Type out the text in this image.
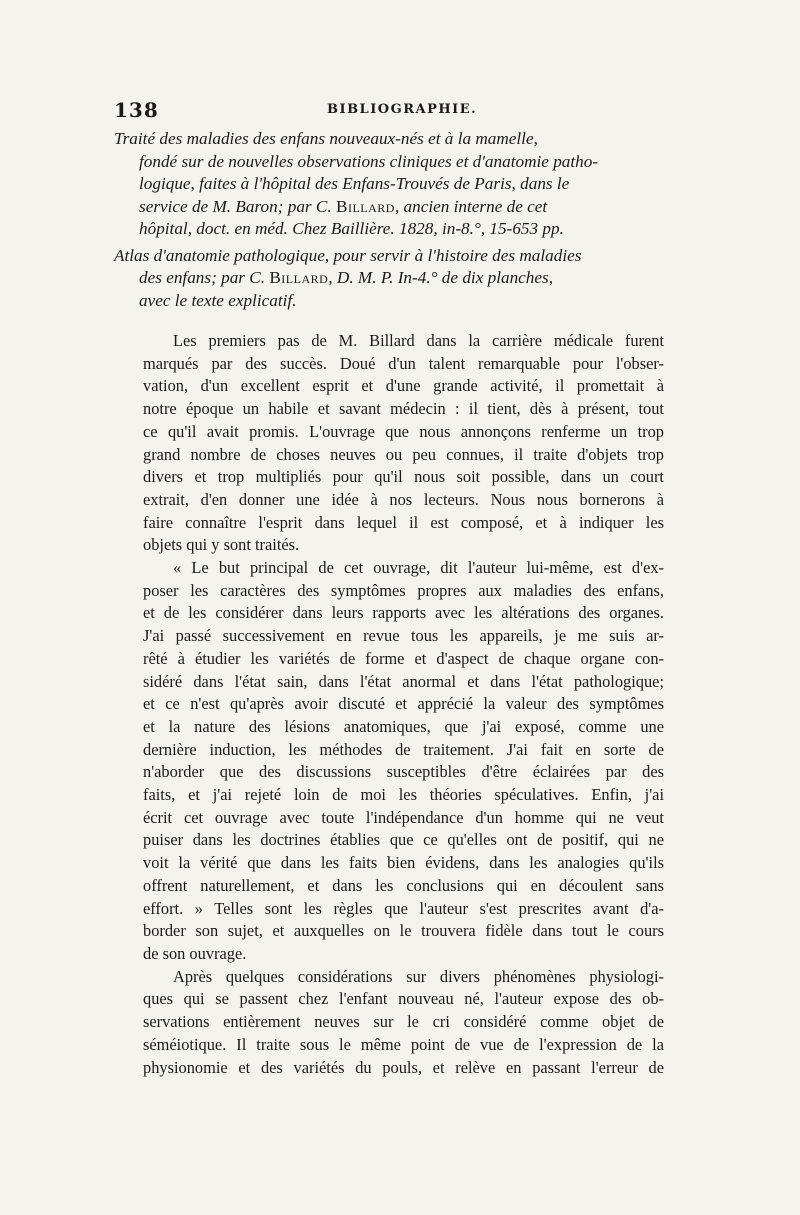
138	BIBLIOGRAPHIE.

Traité des maladies des enfans nouveaux-nés et à la mamelle,
fondé sur de nouvelles observations cliniques et d'anatomie patho-
logique, faites à l'hôpital des Enfans-Trouvés de Paris, dans le
service de M. Baron; par C. Billard, ancien interne de cet
hôpital, doct. en méd. Chez Baillière. 1828, in-8.°, 15-653 pp.

Atlas d'anatomie pathologique, pour servir à l'histoire des maladies
des enfans; par C. Billard, D. M. P. In-4.° de dix planches,
avec le texte explicatif.

Les premiers pas de M. Billard dans la carrière médicale furent
marqués par des succès. Doué d'un talent remarquable pour l'obser-
vation, d'un excellent esprit et d'une grande activité, il promettait à
notre époque un habile et savant médecin : il tient, dès à présent, tout
ce qu'il avait promis. L'ouvrage que nous annonçons renferme un trop
grand nombre de choses neuves ou peu connues, il traite d'objets trop
divers et trop multipliés pour qu'il nous soit possible, dans un court
extrait, d'en donner une idée à nos lecteurs. Nous nous bornerons à
faire connaître l'esprit dans lequel il est composé, et à indiquer les
objets qui y sont traités.
« Le but principal de cet ouvrage, dit l'auteur lui-même, est d'ex-
poser les caractères des symptômes propres aux maladies des enfans,
et de les considérer dans leurs rapports avec les altérations des organes.
J'ai passé successivement en revue tous les appareils, je me suis ar-
rêté à étudier les variétés de forme et d'aspect de chaque organe con-
sidéré dans l'état sain, dans l'état anormal et dans l'état pathologique;
et ce n'est qu'après avoir discuté et apprécié la valeur des symptômes
et la nature des lésions anatomiques, que j'ai exposé, comme une
dernière induction, les méthodes de traitement. J'ai fait en sorte de
n'aborder que des discussions susceptibles d'être éclairées par des
faits, et j'ai rejeté loin de moi les théories spéculatives. Enfin, j'ai
écrit cet ouvrage avec toute l'indépendance d'un homme qui ne veut
puiser dans les doctrines établies que ce qu'elles ont de positif, qui ne
voit la vérité que dans les faits bien évidens, dans les analogies qu'ils
offrent naturellement, et dans les conclusions qui en découlent sans
effort. » Telles sont les règles que l'auteur s'est prescrites avant d'a-
border son sujet, et auxquelles on le trouvera fidèle dans tout le cours
de son ouvrage.
Après quelques considérations sur divers phénomènes physiologi-
ques qui se passent chez l'enfant nouveau né, l'auteur expose des ob-
servations entièrement neuves sur le cri considéré comme objet de
séméiotique. Il traite sous le même point de vue de l'expression de la
physionomie et des variétés du pouls, et relève en passant l'erreur de
